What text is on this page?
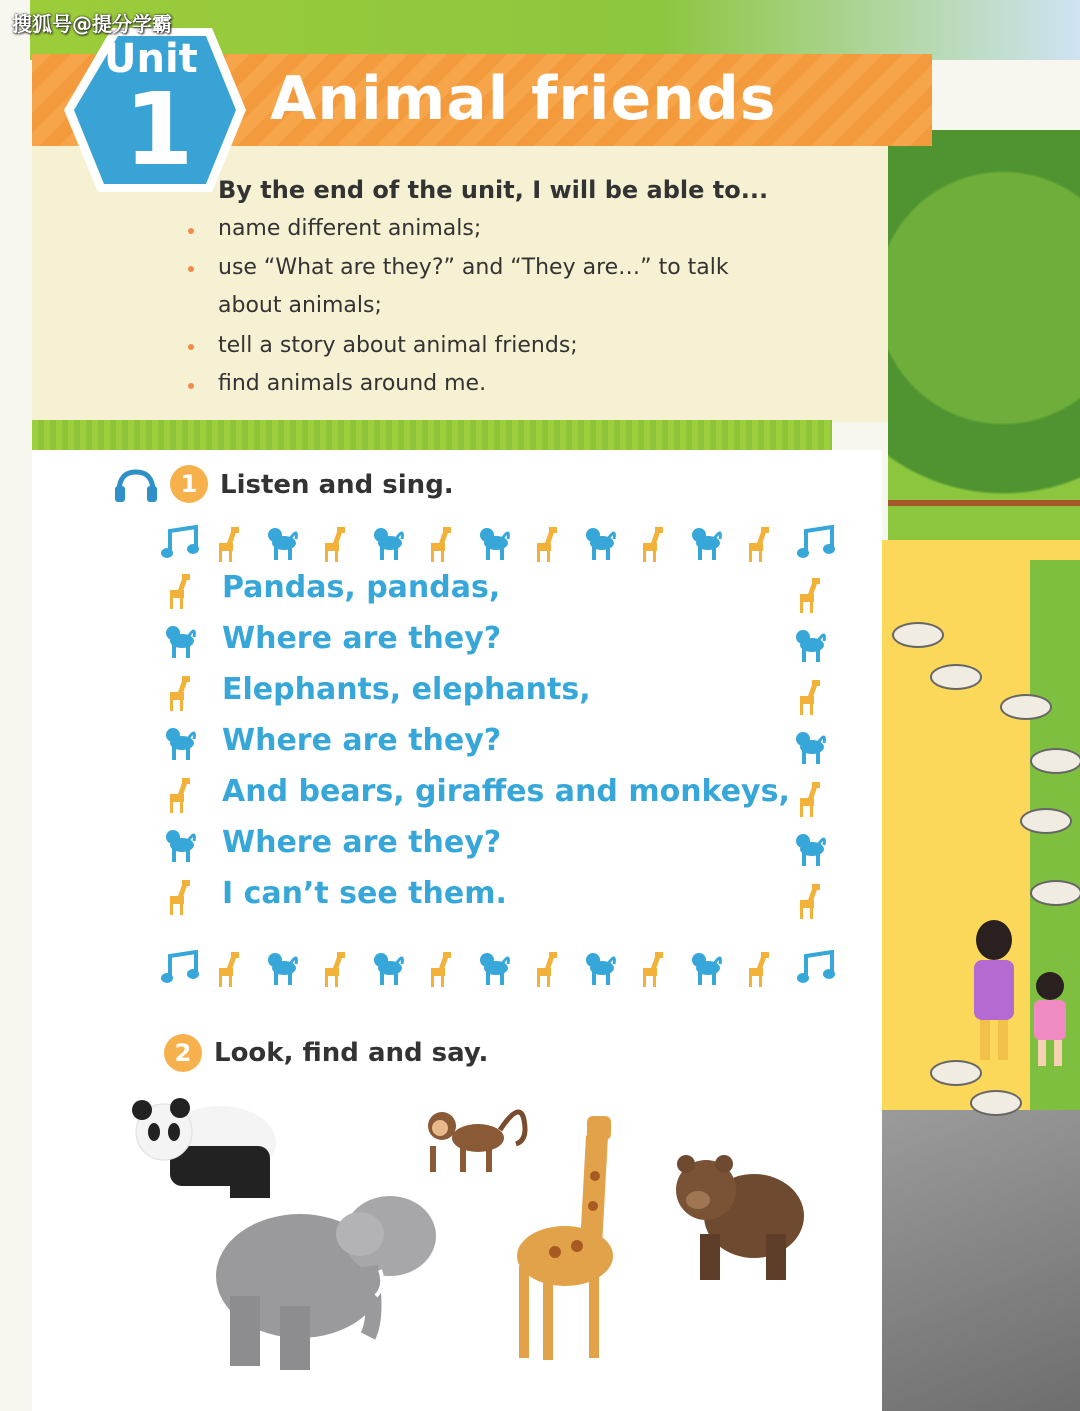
搜狐号@提分学霸
Unit
1 Animal friends
By the end of the unit, I will be able to...
name different animals;
use “What are they?” and “They are…” to talk
about animals;
tell a story about animal friends;
find animals around me.
1 Listen and sing.
Pandas, pandas,
Where are they?
Elephants, elephants,
Where are they?
And bears, giraffes and monkeys,
Where are they?
I can’t see them.
2 Look, find and say.
